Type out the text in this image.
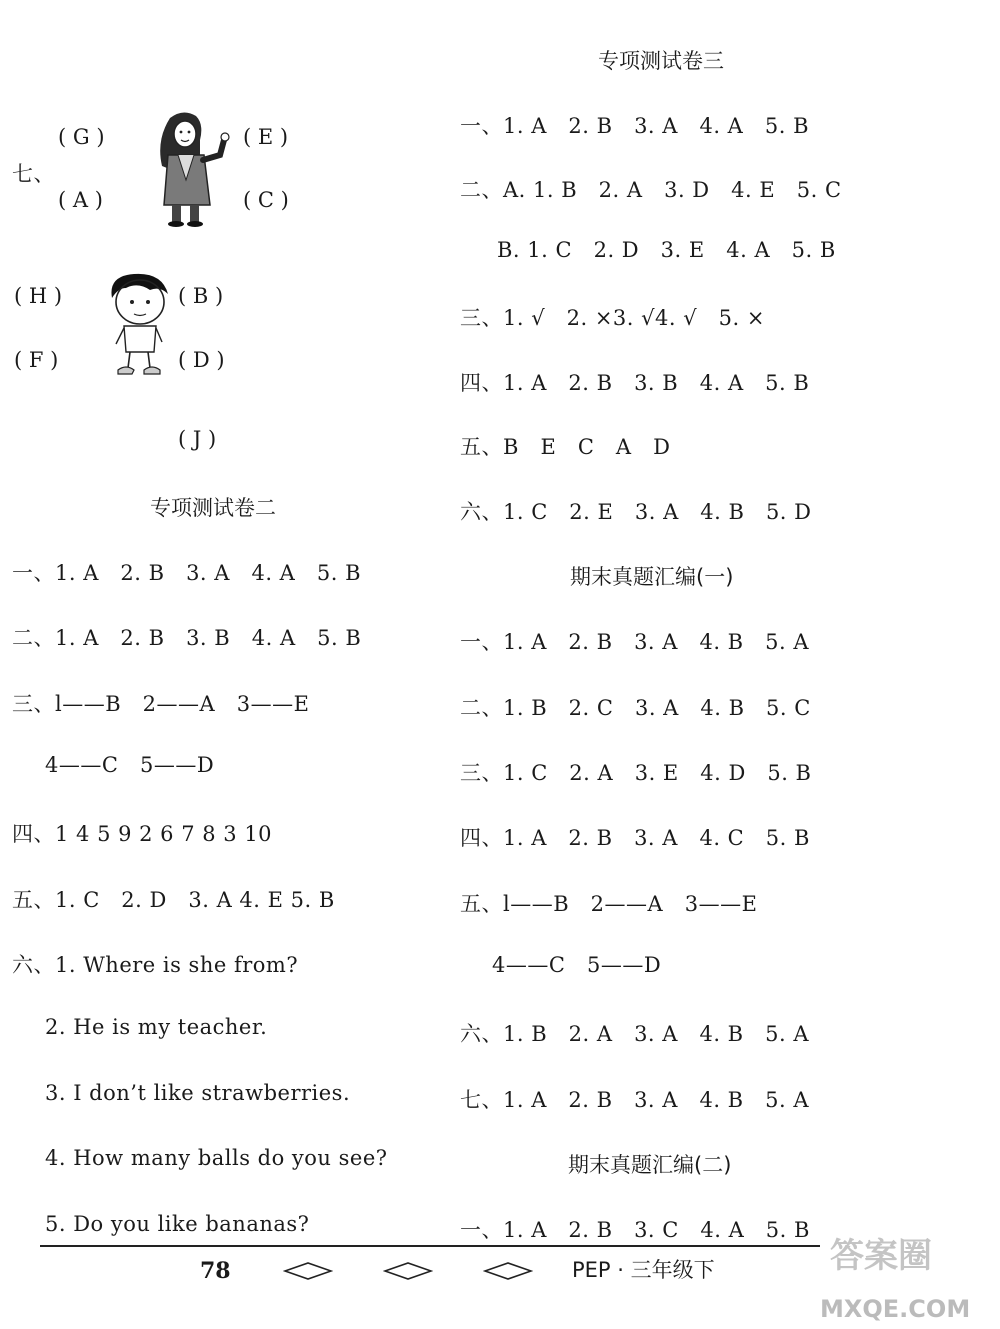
七、
( G )
( A )
( E )
( C )
( H )
( F )
( B )
( D )
( J )
专项测试卷二
一、1. A   2. B   3. A   4. A   5. B
二、1. A   2. B   3. B   4. A   5. B
三、l——B   2——A   3——E
4——C   5——D
四、1 4 5 9 2 6 7 8 3 10
五、1. C   2. D   3. A 4. E 5. B
六、1. Where is she from?
2. He is my teacher.
3. I don’t like strawberries.
4. How many balls do you see?
5. Do you like bananas?
专项测试卷三
一、1. A   2. B   3. A   4. A   5. B
二、A. 1. B   2. A   3. D   4. E   5. C
B. 1. C   2. D   3. E   4. A   5. B
三、1. √   2. ×3. √4. √   5. ×
四、1. A   2. B   3. B   4. A   5. B
五、B   E   C   A   D
六、1. C   2. E   3. A   4. B   5. D
期末真题汇编(一)
一、1. A   2. B   3. A   4. B   5. A
二、1. B   2. C   3. A   4. B   5. C
三、1. C   2. A   3. E   4. D   5. B
四、1. A   2. B   3. A   4. C   5. B
五、l——B   2——A   3——E
4——C   5——D
六、1. B   2. A   3. A   4. B   5. A
七、1. A   2. B   3. A   4. B   5. A
期末真题汇编(二)
一、1. A   2. B   3. C   4. A   5. B
78	PEP · 三年级下	答案圈
MXQE.COM
